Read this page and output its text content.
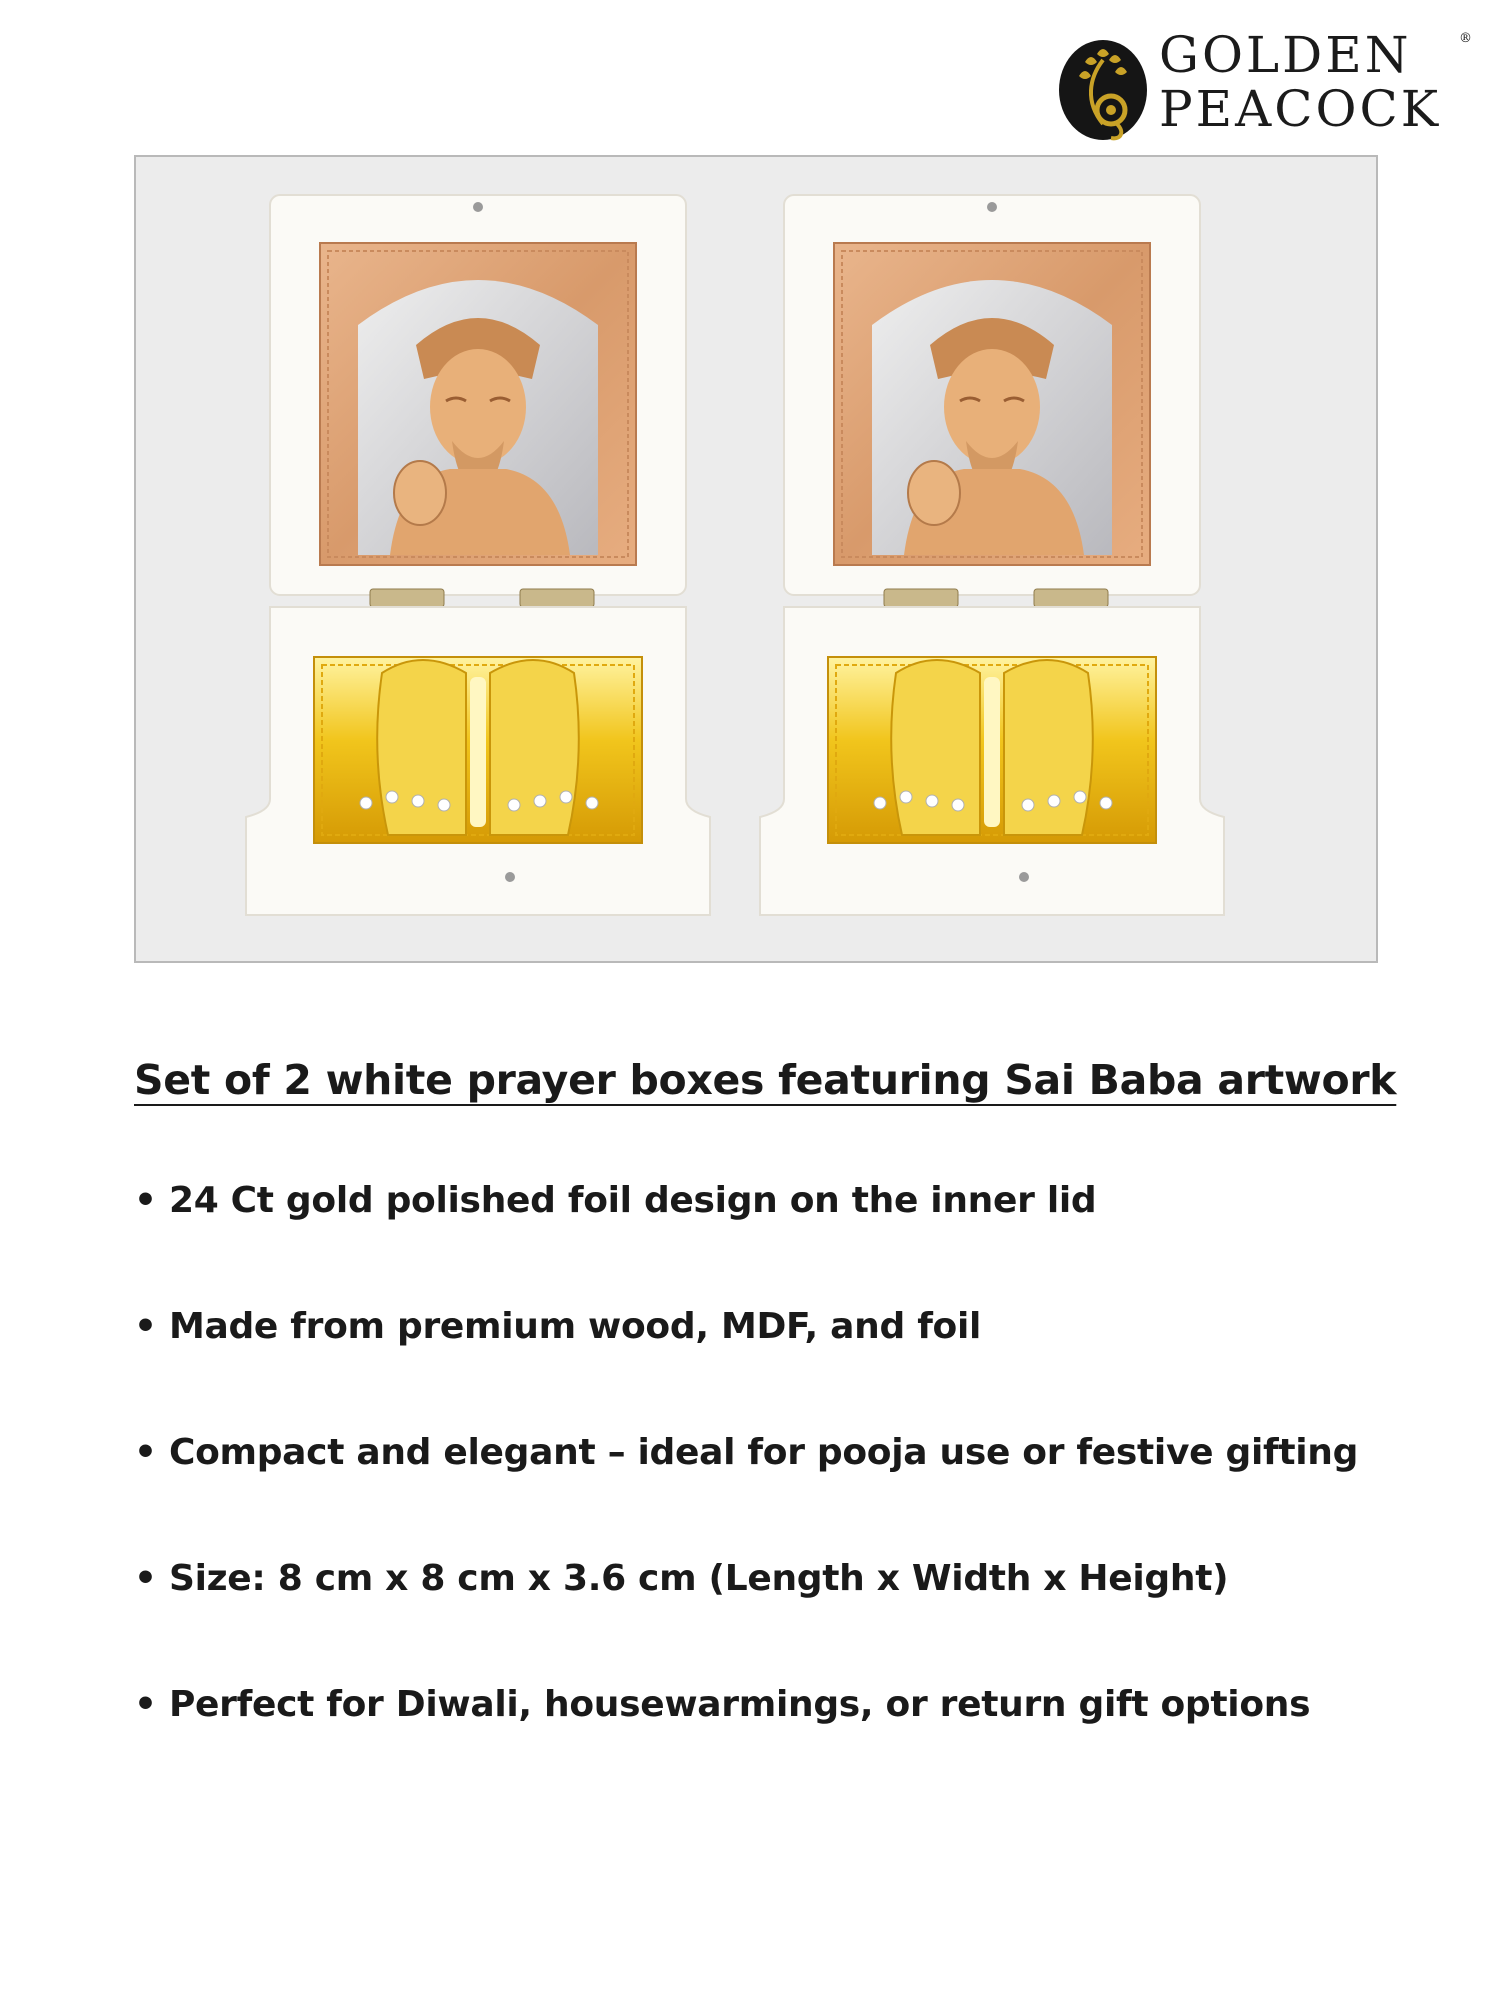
GOLDEN
PEACOCK
®
Set of 2 white prayer boxes featuring Sai Baba artwork
• 24 Ct gold polished foil design on the inner lid
• Made from premium wood, MDF, and foil
• Compact and elegant – ideal for pooja use or festive gifting
• Size: 8 cm x 8 cm x 3.6 cm (Length x Width x Height)
• Perfect for Diwali, housewarmings, or return gift options
